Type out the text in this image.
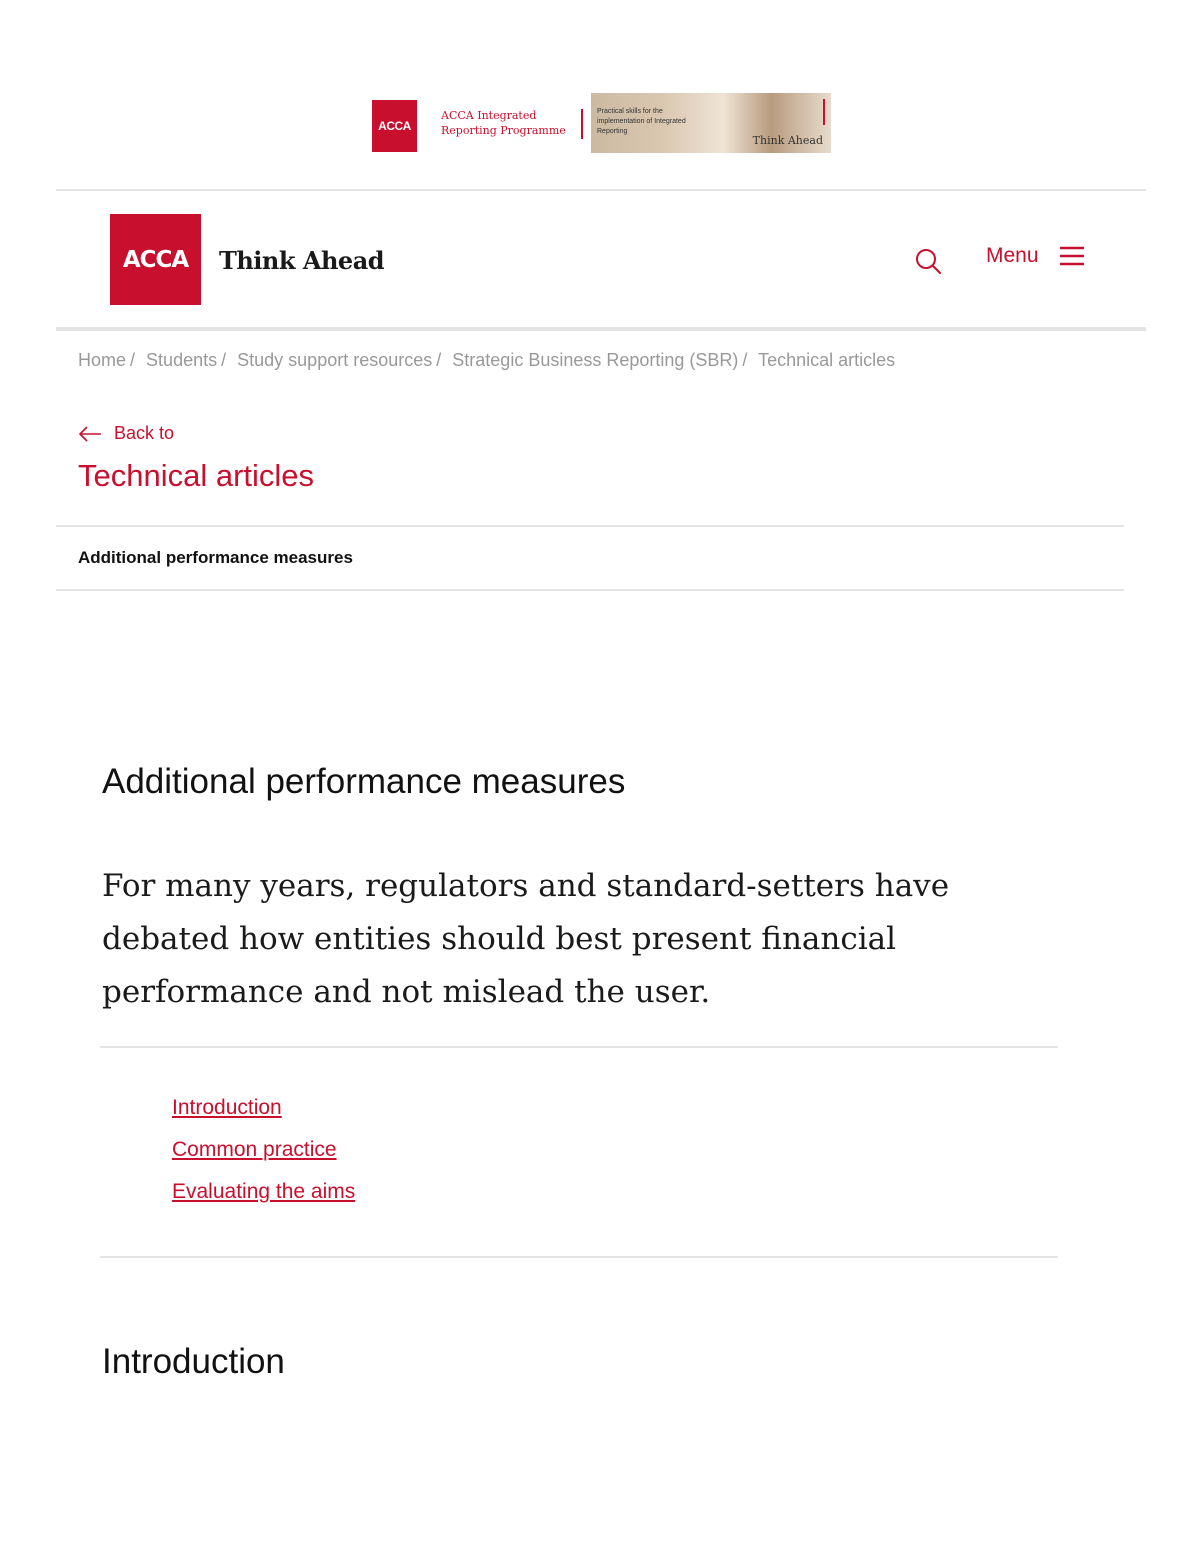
ACCA
ACCA Integrated Reporting Programme
Practical skills for the implementation of Integrated Reporting
Think Ahead
ACCA	Think Ahead	Menu
Home / Students / Study support resources / Strategic Business Reporting (SBR) / Technical articles
Back to
Technical articles
Additional performance measures
Additional performance measures

For many years, regulators and standard-setters have debated how entities should best present financial performance and not mislead the user.

Introduction
Common practice
Evaluating the aims
Introduction
